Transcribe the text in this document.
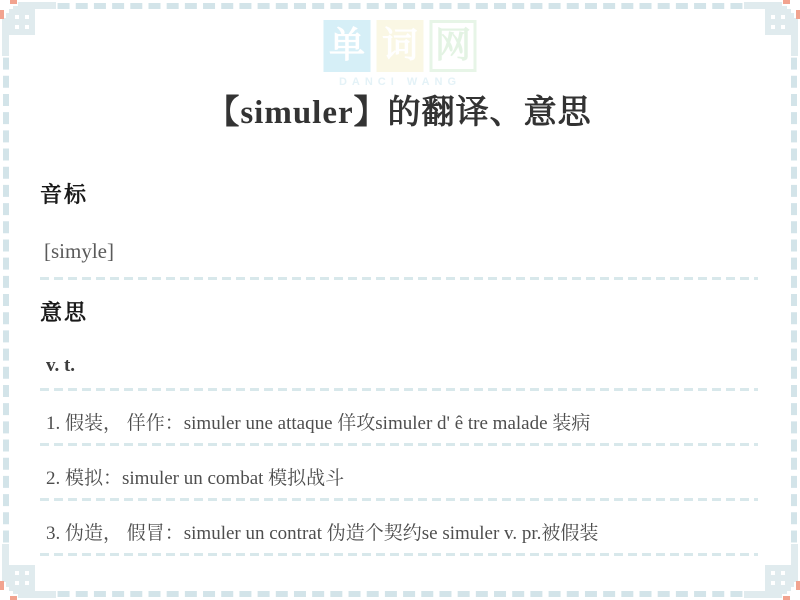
单 词 网
DANCI WANG
【simuler】的翻译、意思
音标
[simyle]
意思
v. t.
1. 假装， 佯作：simuler une attaque 佯攻simuler d' ê tre malade 装病
2. 模拟：simuler un combat 模拟战斗
3. 伪造， 假冒：simuler un contrat 伪造个契约se simuler v. pr.被假装
